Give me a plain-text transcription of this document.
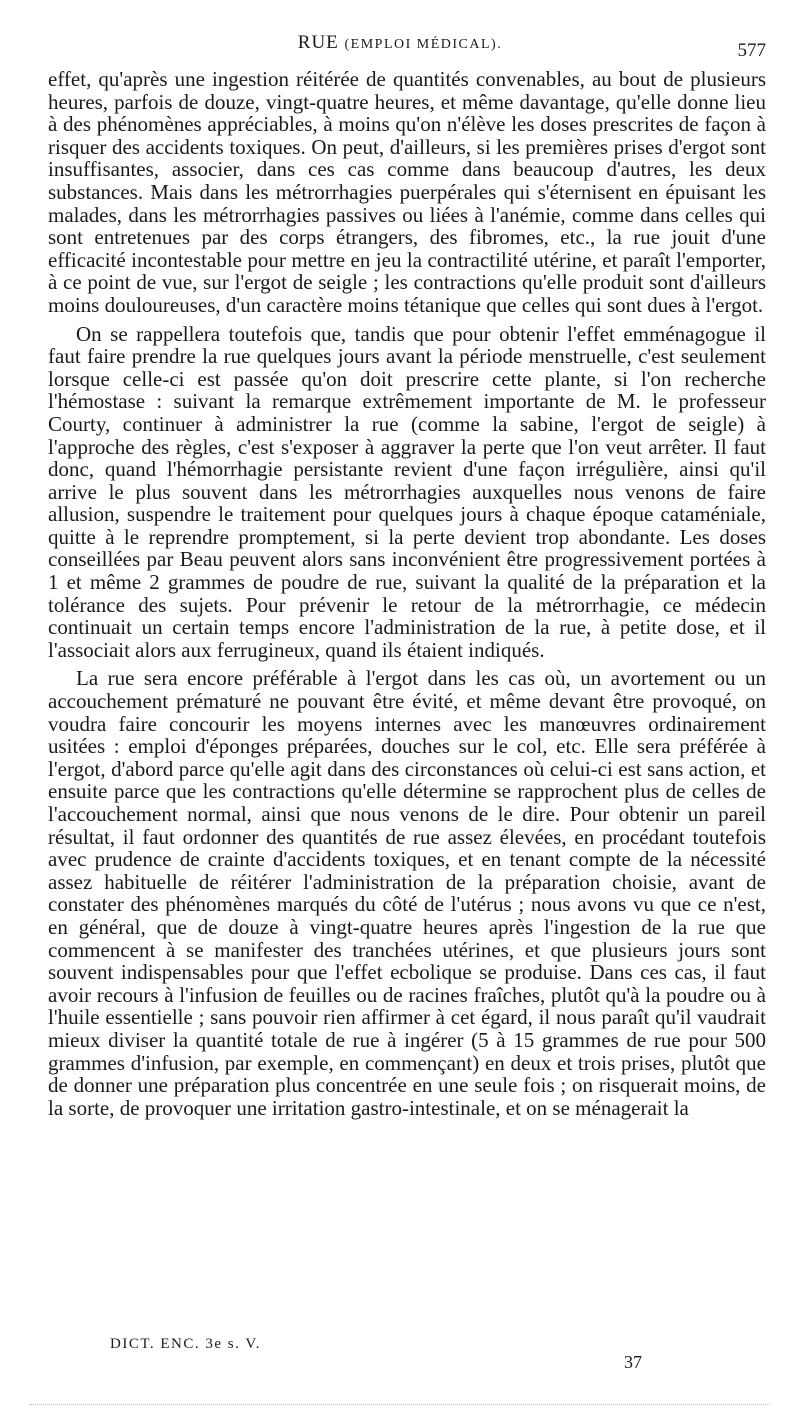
RUE (EMPLOI MÉDICAL).	577

effet, qu'après une ingestion réitérée de quantités convenables, au bout de plusieurs heures, parfois de douze, vingt-quatre heures, et même davantage, qu'elle donne lieu à des phénomènes appréciables, à moins qu'on n'élève les doses prescrites de façon à risquer des accidents toxiques. On peut, d'ailleurs, si les premières prises d'ergot sont insuffisantes, associer, dans ces cas comme dans beaucoup d'autres, les deux substances. Mais dans les métrorrhagies puerpérales qui s'éternisent en épuisant les malades, dans les métrorrhagies passives ou liées à l'anémie, comme dans celles qui sont entretenues par des corps étrangers, des fibromes, etc., la rue jouit d'une efficacité incontestable pour mettre en jeu la contractilité utérine, et paraît l'emporter, à ce point de vue, sur l'ergot de seigle ; les contractions qu'elle produit sont d'ailleurs moins douloureuses, d'un caractère moins tétanique que celles qui sont dues à l'ergot.

On se rappellera toutefois que, tandis que pour obtenir l'effet emménagogue il faut faire prendre la rue quelques jours avant la période menstruelle, c'est seulement lorsque celle-ci est passée qu'on doit prescrire cette plante, si l'on recherche l'hémostase : suivant la remarque extrêmement importante de M. le professeur Courty, continuer à administrer la rue (comme la sabine, l'ergot de seigle) à l'approche des règles, c'est s'exposer à aggraver la perte que l'on veut arrêter. Il faut donc, quand l'hémorrhagie persistante revient d'une façon irrégulière, ainsi qu'il arrive le plus souvent dans les métrorrhagies auxquelles nous venons de faire allusion, suspendre le traitement pour quelques jours à chaque époque cataméniale, quitte à le reprendre promptement, si la perte devient trop abondante. Les doses conseillées par Beau peuvent alors sans inconvénient être progressivement portées à 1 et même 2 grammes de poudre de rue, suivant la qualité de la préparation et la tolérance des sujets. Pour prévenir le retour de la métrorrhagie, ce médecin continuait un certain temps encore l'administration de la rue, à petite dose, et il l'associait alors aux ferrugineux, quand ils étaient indiqués.

La rue sera encore préférable à l'ergot dans les cas où, un avortement ou un accouchement prématuré ne pouvant être évité, et même devant être provoqué, on voudra faire concourir les moyens internes avec les manœuvres ordinairement usitées : emploi d'éponges préparées, douches sur le col, etc. Elle sera préférée à l'ergot, d'abord parce qu'elle agit dans des circonstances où celui-ci est sans action, et ensuite parce que les contractions qu'elle détermine se rapprochent plus de celles de l'accouchement normal, ainsi que nous venons de le dire. Pour obtenir un pareil résultat, il faut ordonner des quantités de rue assez élevées, en procédant toutefois avec prudence de crainte d'accidents toxiques, et en tenant compte de la nécessité assez habituelle de réitérer l'administration de la préparation choisie, avant de constater des phénomènes marqués du côté de l'utérus ; nous avons vu que ce n'est, en général, que de douze à vingt-quatre heures après l'ingestion de la rue que commencent à se manifester des tranchées utérines, et que plusieurs jours sont souvent indispensables pour que l'effet ecbolique se produise. Dans ces cas, il faut avoir recours à l'infusion de feuilles ou de racines fraîches, plutôt qu'à la poudre ou à l'huile essentielle ; sans pouvoir rien affirmer à cet égard, il nous paraît qu'il vaudrait mieux diviser la quantité totale de rue à ingérer (5 à 15 grammes de rue pour 500 grammes d'infusion, par exemple, en commençant) en deux et trois prises, plutôt que de donner une préparation plus concentrée en une seule fois ; on risquerait moins, de la sorte, de provoquer une irritation gastro-intestinale, et on se ménagerait la

DICT. ENC. 3e s. V.
37
